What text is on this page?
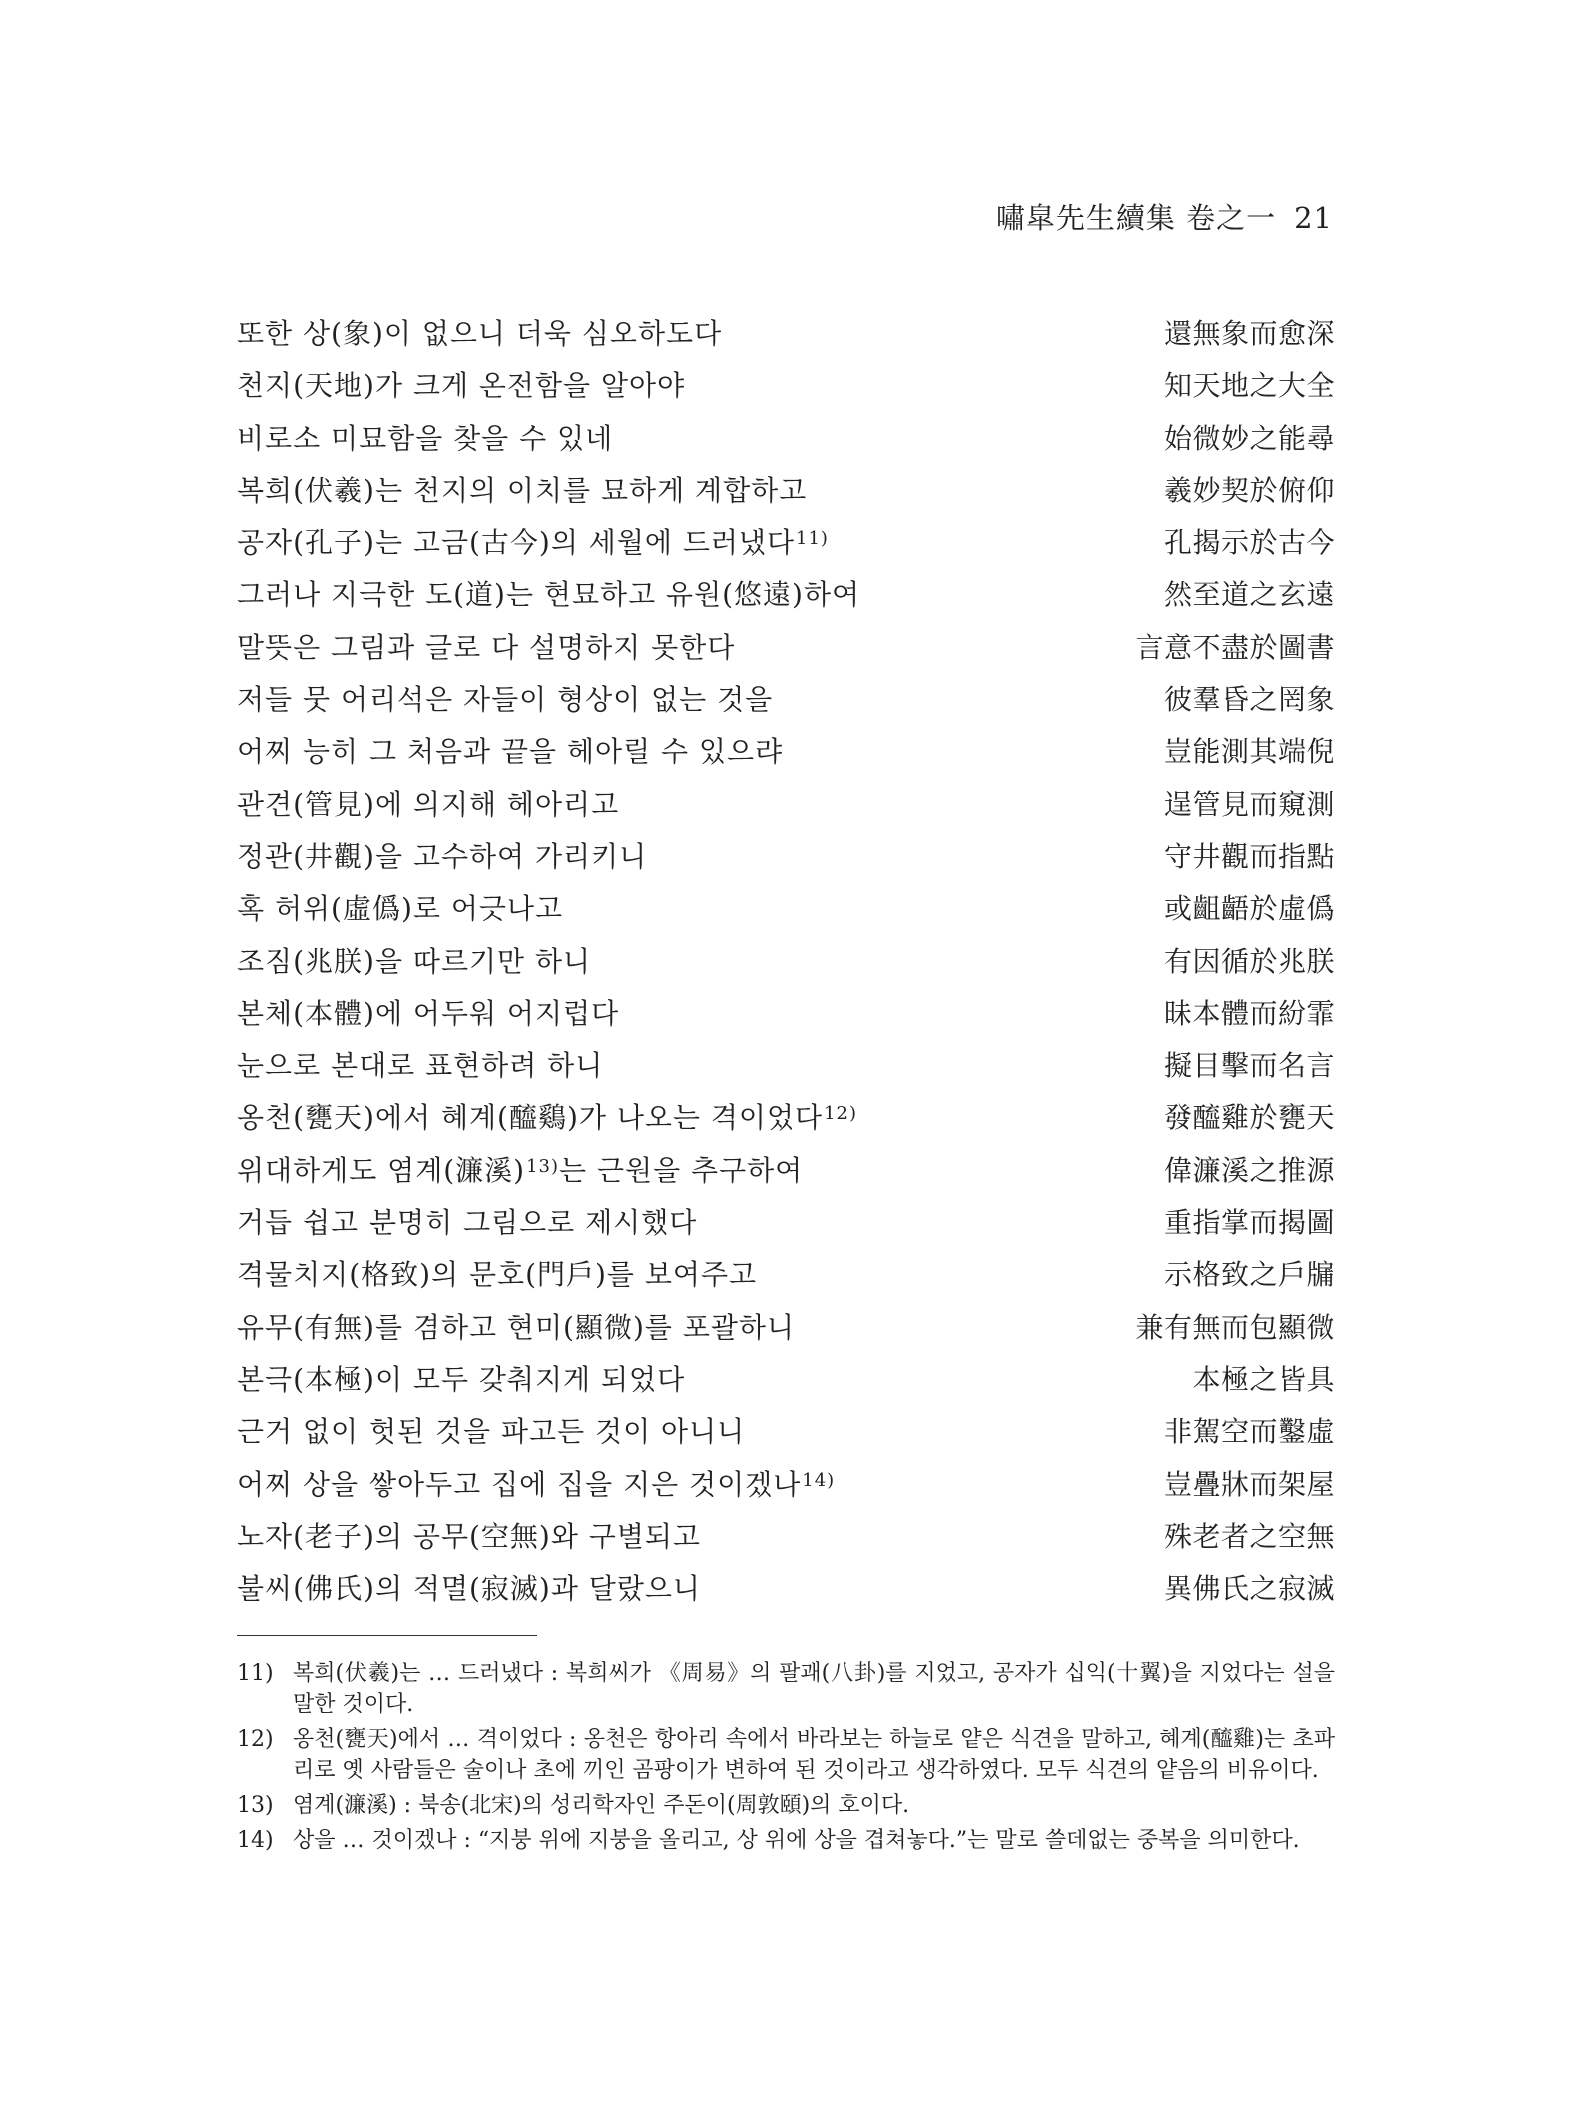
嘯皐先生續集 卷之一 21
또한 상(象)이 없으니 더욱 심오하도다	還無象而愈深
천지(天地)가 크게 온전함을 알아야	知天地之大全
비로소 미묘함을 찾을 수 있네	始微妙之能尋
복희(伏羲)는 천지의 이치를 묘하게 계합하고	羲妙契於俯仰
공자(孔子)는 고금(古今)의 세월에 드러냈다$^{11)}$	孔揭示於古今
그러나 지극한 도(道)는 현묘하고 유원(悠遠)하여	然至道之玄遠
말뜻은 그림과 글로 다 설명하지 못한다	言意不盡於圖書
저들 뭇 어리석은 자들이 형상이 없는 것을	彼羣昏之罔象
어찌 능히 그 처음과 끝을 헤아릴 수 있으랴	豈能測其端倪
관견(管見)에 의지해 헤아리고	逞管見而窺測
정관(井觀)을 고수하여 가리키니	守井觀而指點
혹 허위(虛僞)로 어긋나고	或齟齬於虛僞
조짐(兆朕)을 따르기만 하니	有因循於兆朕
본체(本體)에 어두워 어지럽다	昧本體而紛霏
눈으로 본대로 표현하려 하니	擬目擊而名言
옹천(甕天)에서 혜계(醯鷄)가 나오는 격이었다$^{12)}$	發醯雞於甕天
위대하게도 염계(濂溪)$^{13)}$는 근원을 추구하여	偉濂溪之推源
거듭 쉽고 분명히 그림으로 제시했다	重指掌而揭圖
격물치지(格致)의 문호(門戶)를 보여주고	示格致之戶牖
유무(有無)를 겸하고 현미(顯微)를 포괄하니	兼有無而包顯微
본극(本極)이 모두 갖춰지게 되었다	本極之皆具
근거 없이 헛된 것을 파고든 것이 아니니	非駕空而鑿虛
어찌 상을 쌓아두고 집에 집을 지은 것이겠나$^{14)}$	豈疊牀而架屋
노자(老子)의 공무(空無)와 구별되고	殊老者之空無
불씨(佛氏)의 적멸(寂滅)과 달랐으니	異佛氏之寂滅
11) 복희(伏羲)는 … 드러냈다 : 복희씨가 《周易》의 팔괘(八卦)를 지었고, 공자가 십익(十翼)을 지었다는 설을 말한 것이다.
12) 옹천(甕天)에서 … 격이었다 : 옹천은 항아리 속에서 바라보는 하늘로 얕은 식견을 말하고, 혜계(醯雞)는 초파리로 옛 사람들은 술이나 초에 끼인 곰팡이가 변하여 된 것이라고 생각하였다. 모두 식견의 얕음의 비유이다.
13) 염계(濂溪) : 북송(北宋)의 성리학자인 주돈이(周敦頤)의 호이다.
14) 상을 … 것이겠나 : “지붕 위에 지붕을 올리고, 상 위에 상을 겹쳐놓다.”는 말로 쓸데없는 중복을 의미한다.
